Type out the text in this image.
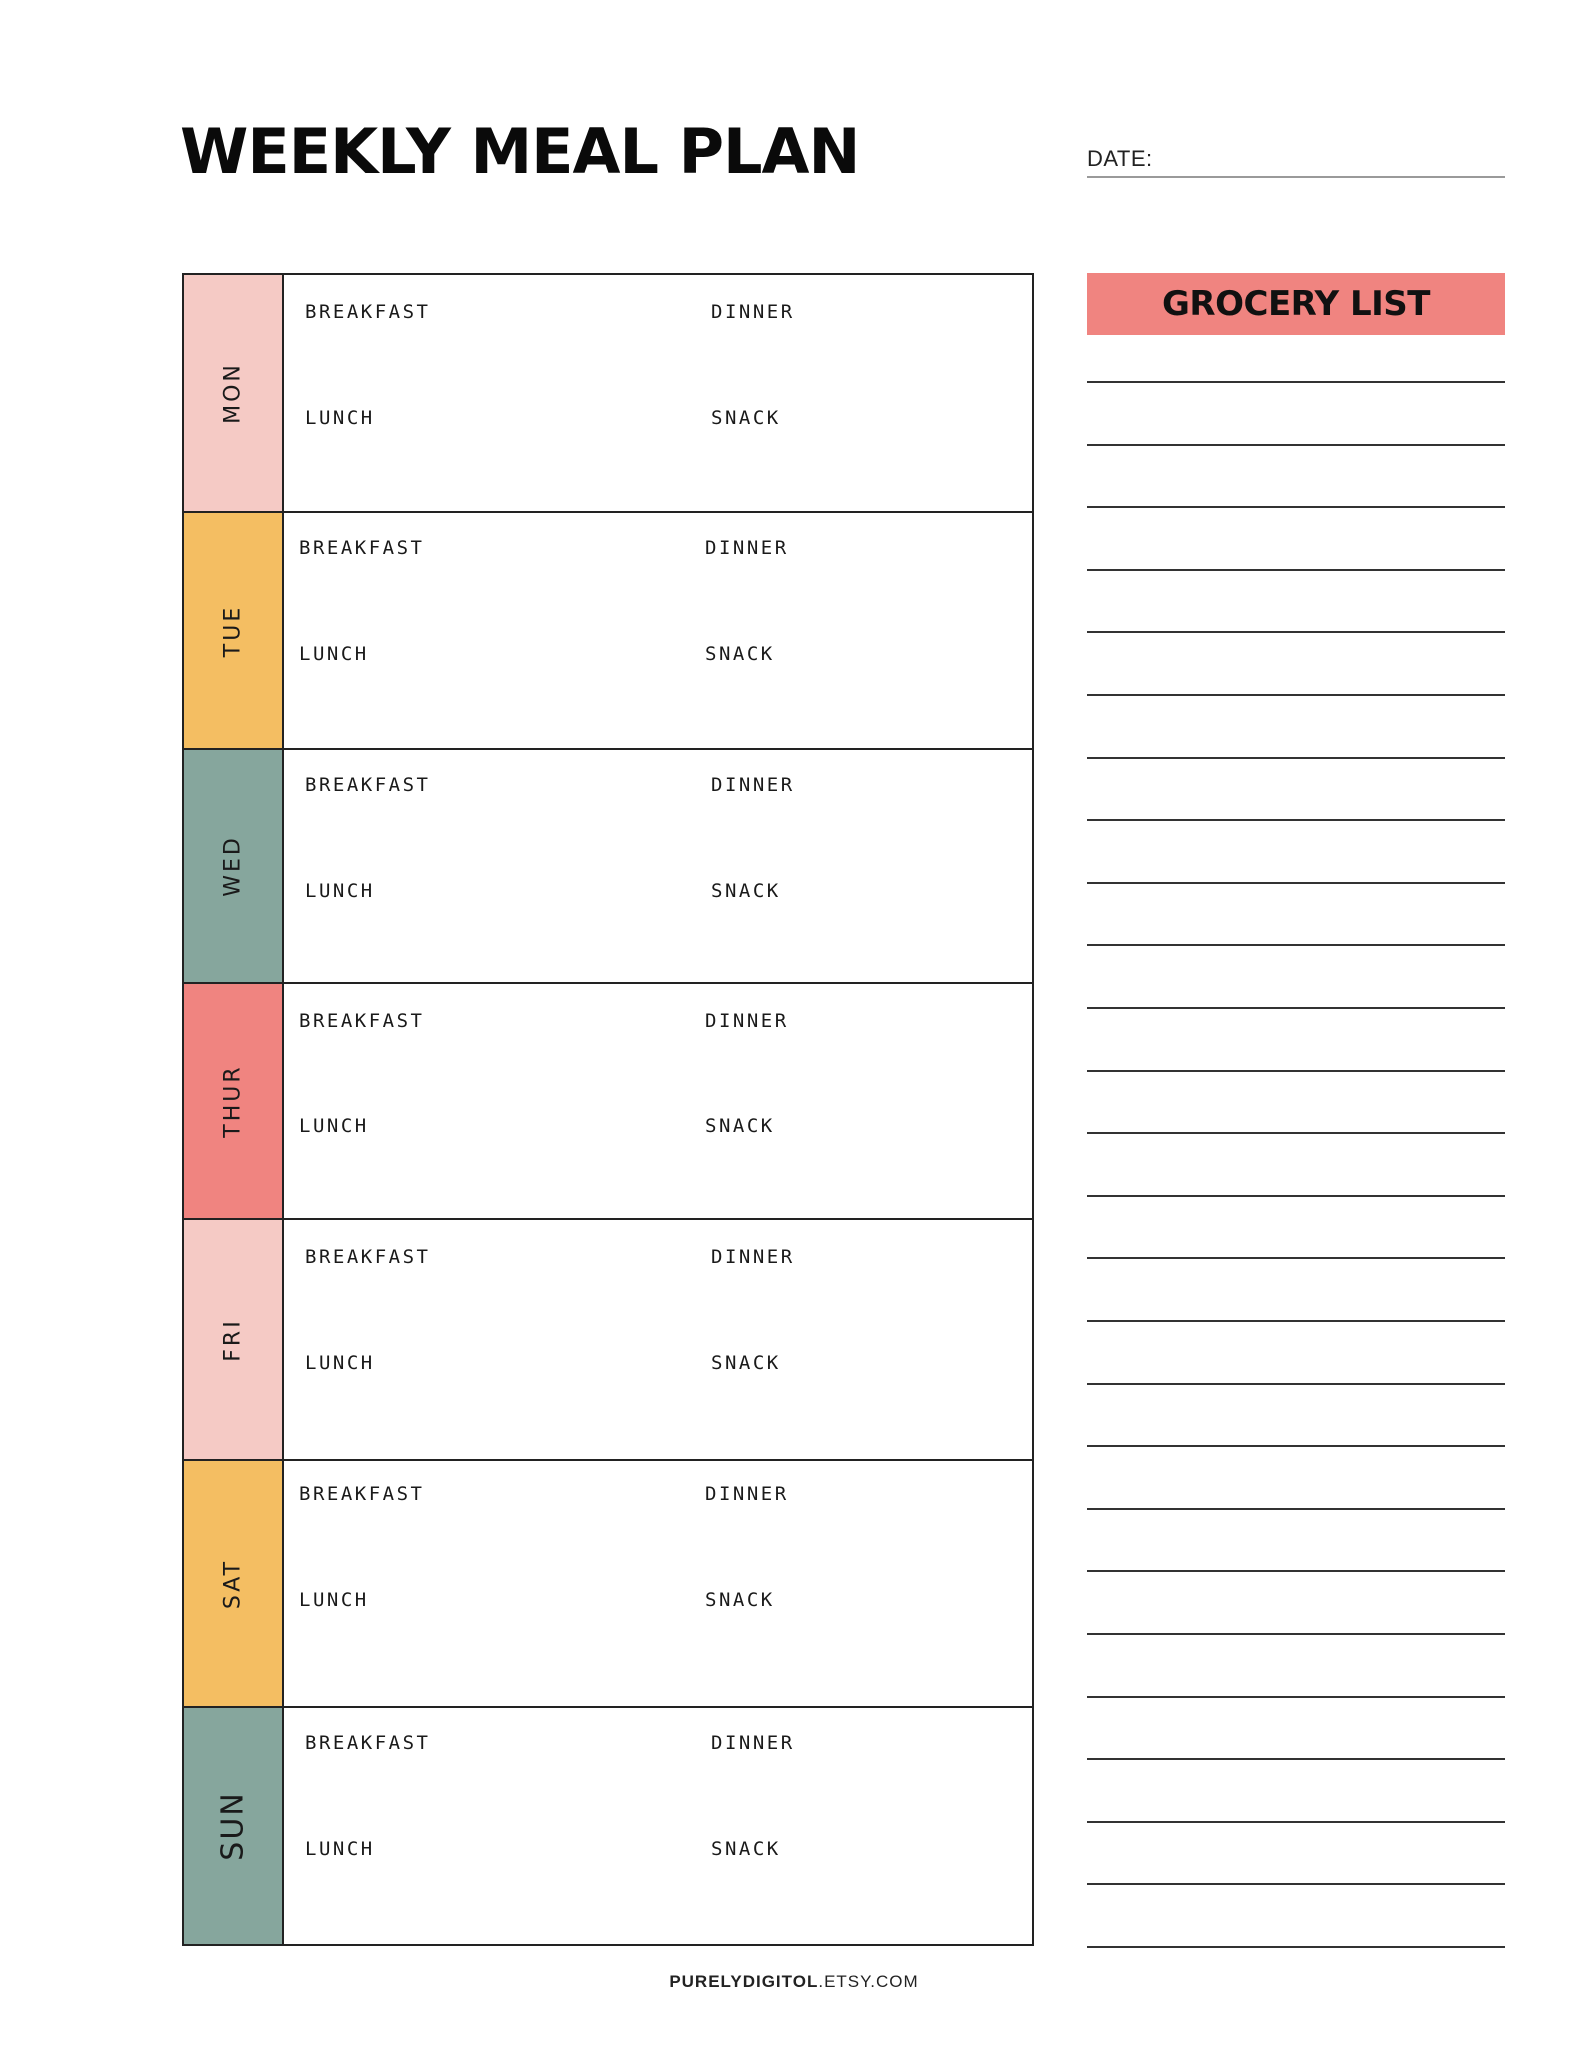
WEEKLY MEAL PLAN	DATE:
MON
BREAKFAST	DINNER
LUNCH	SNACK
TUE
BREAKFAST	DINNER
LUNCH	SNACK
WED
BREAKFAST	DINNER
LUNCH	SNACK
THUR
BREAKFAST	DINNER
LUNCH	SNACK
FRI
BREAKFAST	DINNER
LUNCH	SNACK
SAT
BREAKFAST	DINNER
LUNCH	SNACK
SUN
BREAKFAST	DINNER
LUNCH	SNACK
GROCERY LIST
PURELYDIGITOL.ETSY.COM
